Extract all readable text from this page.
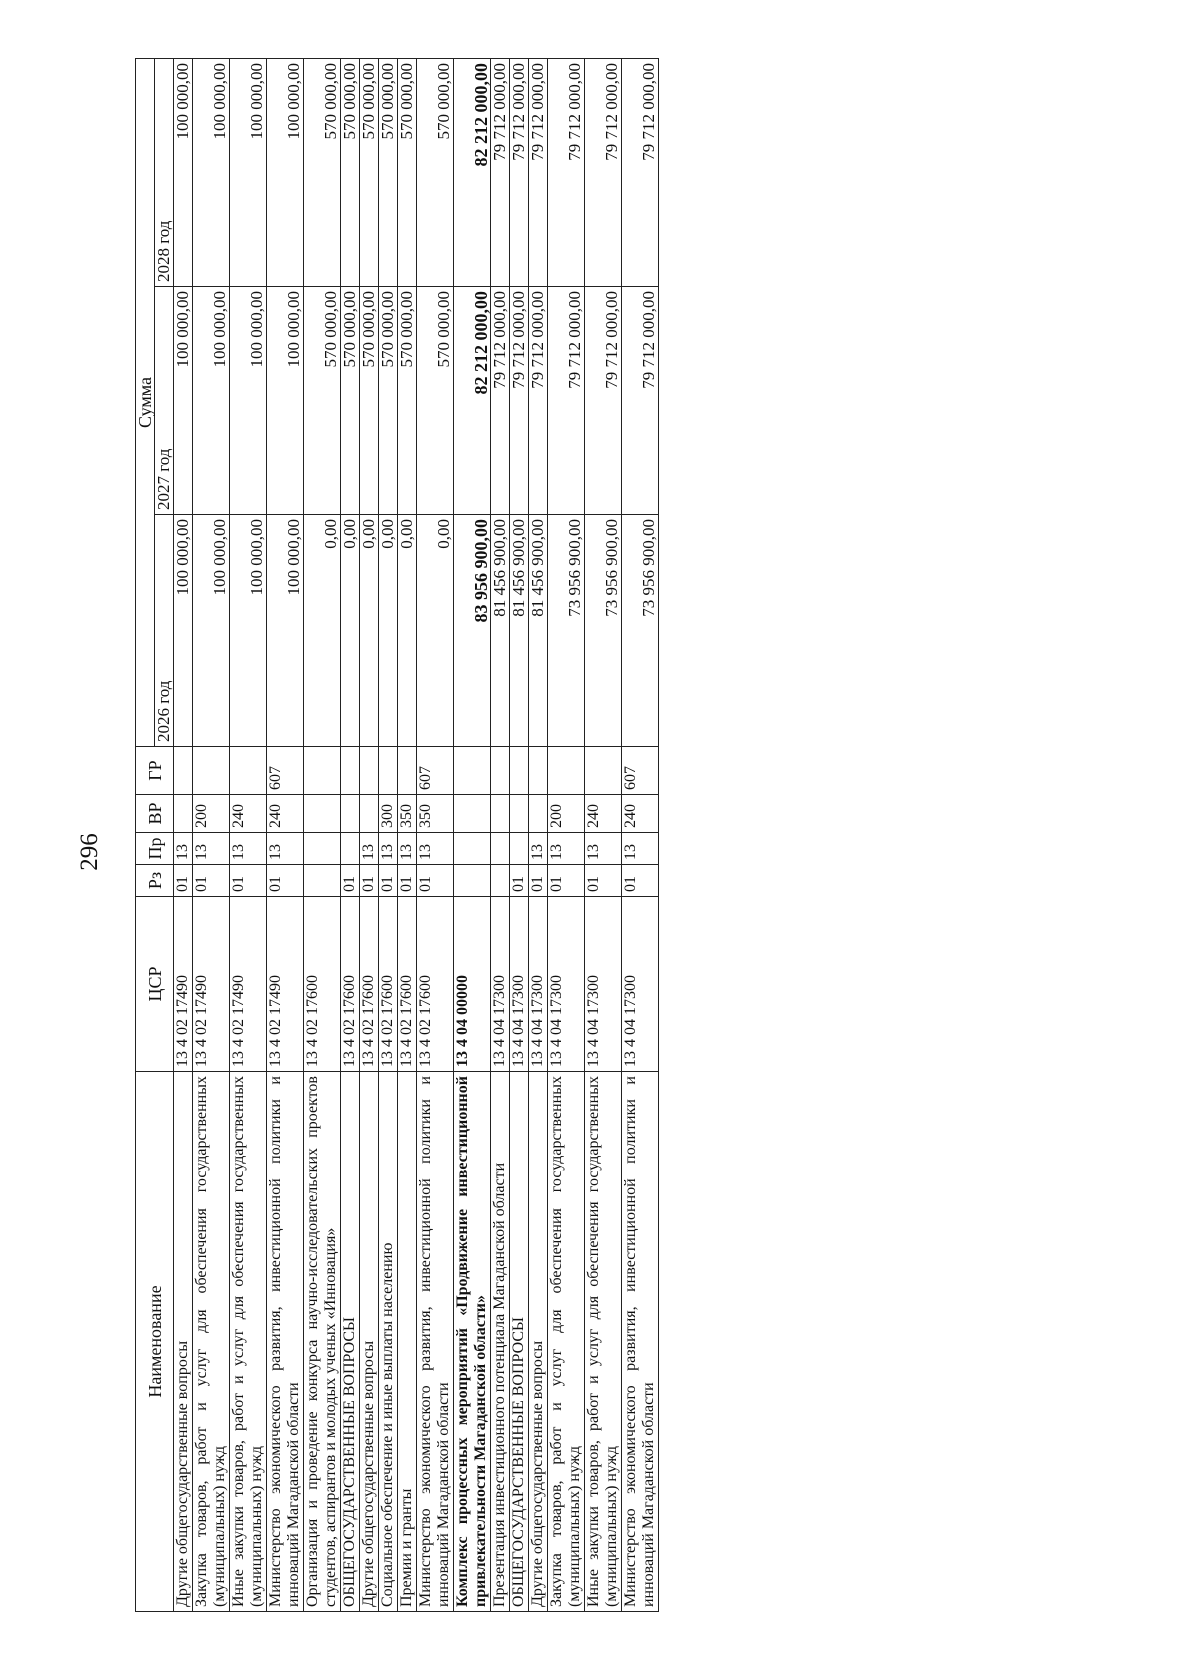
296
Наименование	ЦСР	Рз	Пр	ВР	ГР	Сумма		
						2026 год	2027 год	2028 год
Другие общегосударственные вопросы	13 4 02 17490	01	13			100 000,00	100 000,00	100 000,00
Закупка товаров, работ и услуг для обеспечения государственных (муниципальных) нужд	13 4 02 17490	01	13	200		100 000,00	100 000,00	100 000,00
Иные закупки товаров, работ и услуг для обеспечения государственных (муниципальных) нужд	13 4 02 17490	01	13	240		100 000,00	100 000,00	100 000,00
Министерство экономического развития, инвестиционной политики и инноваций Магаданской области	13 4 02 17490	01	13	240	607	100 000,00	100 000,00	100 000,00
Организация и проведение конкурса научно-исследовательских проектов студентов, аспирантов и молодых ученых «Инновация»	13 4 02 17600					0,00	570 000,00	570 000,00
ОБЩЕГОСУДАРСТВЕННЫЕ ВОПРОСЫ	13 4 02 17600	01				0,00	570 000,00	570 000,00
Другие общегосударственные вопросы	13 4 02 17600	01	13			0,00	570 000,00	570 000,00
Социальное обеспечение и иные выплаты населению	13 4 02 17600	01	13	300		0,00	570 000,00	570 000,00
Премии и гранты	13 4 02 17600	01	13	350		0,00	570 000,00	570 000,00
Министерство экономического развития, инвестиционной политики и инноваций Магаданской области	13 4 02 17600	01	13	350	607	0,00	570 000,00	570 000,00
Комплекс процессных мероприятий «Продвижение инвестиционной привлекательности Магаданской области»	13 4 04 00000					83 956 900,00	82 212 000,00	82 212 000,00
Презентация инвестиционного потенциала Магаданской области	13 4 04 17300					81 456 900,00	79 712 000,00	79 712 000,00
ОБЩЕГОСУДАРСТВЕННЫЕ ВОПРОСЫ	13 4 04 17300	01				81 456 900,00	79 712 000,00	79 712 000,00
Другие общегосударственные вопросы	13 4 04 17300	01	13			81 456 900,00	79 712 000,00	79 712 000,00
Закупка товаров, работ и услуг для обеспечения государственных (муниципальных) нужд	13 4 04 17300	01	13	200		73 956 900,00	79 712 000,00	79 712 000,00
Иные закупки товаров, работ и услуг для обеспечения государственных (муниципальных) нужд	13 4 04 17300	01	13	240		73 956 900,00	79 712 000,00	79 712 000,00
Министерство экономического развития, инвестиционной политики и инноваций Магаданской области	13 4 04 17300	01	13	240	607	73 956 900,00	79 712 000,00	79 712 000,00
